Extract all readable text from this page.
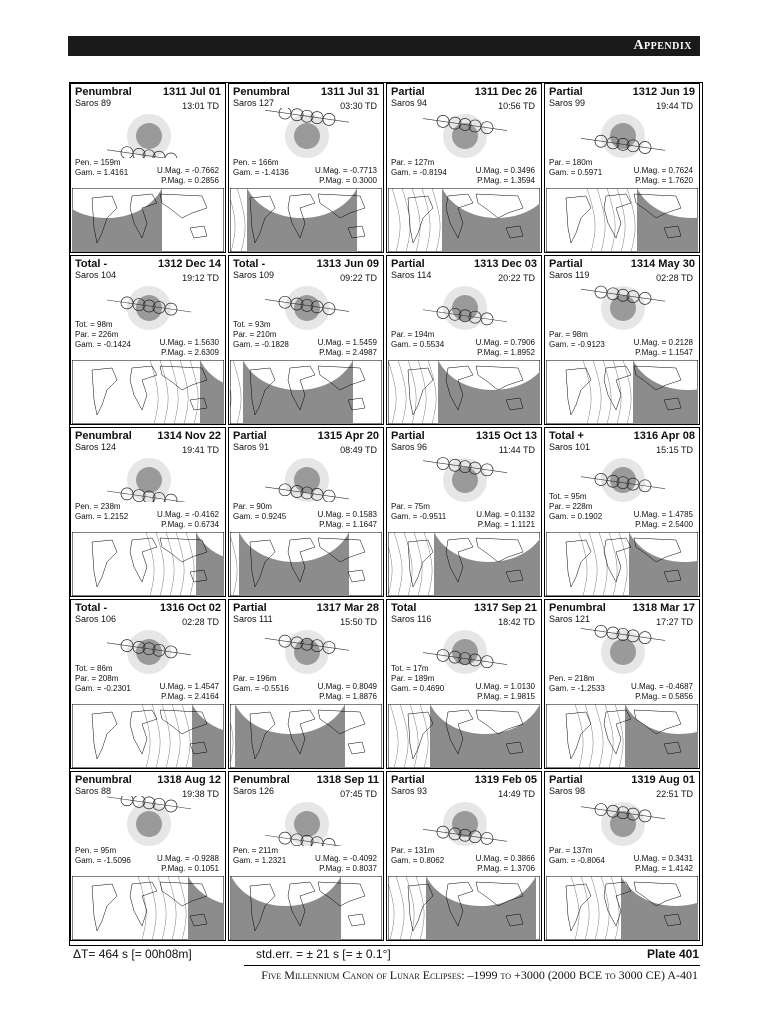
Appendix
Penumbral	1311 Jul 01
Saros 89	13:01 TD
Pen. = 159m
Gam. = 1.4161	U.Mag. = -0.7662
P.Mag. = 0.2856
Penumbral	1311 Jul 31
Saros 127	03:30 TD
Pen. = 166m
Gam. = -1.4136	U.Mag. = -0.7713
P.Mag. = 0.3000
Partial	1311 Dec 26
Saros 94	10:56 TD
Par. = 127m
Gam. = -0.8194	U.Mag. = 0.3496
P.Mag. = 1.3594
Partial	1312 Jun 19
Saros 99	19:44 TD
Par. = 180m
Gam. = 0.5971	U.Mag. = 0.7624
P.Mag. = 1.7620
Total -	1312 Dec 14
Saros 104	19:12 TD
Tot. = 98m
Par. = 226m
Gam. = -0.1424	U.Mag. = 1.5630
P.Mag. = 2.6309
Total -	1313 Jun 09
Saros 109	09:22 TD
Tot. = 93m
Par. = 210m
Gam. = -0.1828	U.Mag. = 1.5459
P.Mag. = 2.4987
Partial	1313 Dec 03
Saros 114	20:22 TD
Par. = 194m
Gam. = 0.5534	U.Mag. = 0.7906
P.Mag. = 1.8952
Partial	1314 May 30
Saros 119	02:28 TD
Par. = 98m
Gam. = -0.9123	U.Mag. = 0.2128
P.Mag. = 1.1547
Penumbral 1314 Nov 22
Saros 124	19:41 TD
Pen. = 238m
Gam. = 1.2152	U.Mag. = -0.4162
P.Mag. = 0.6734
Partial	1315 Apr 20
Saros 91	08:49 TD
Par. = 90m
Gam. = 0.9245	U.Mag. = 0.1583
P.Mag. = 1.1647
Partial	1315 Oct 13
Saros 96	11:44 TD
Par. = 75m
Gam. = -0.9511	U.Mag. = 0.1132
P.Mag. = 1.1121
Total +	1316 Apr 08
Saros 101	15:15 TD
Tot. = 95m
Par. = 228m
Gam. = 0.1902	U.Mag. = 1.4785
P.Mag. = 2.5400
Total -	1316 Oct 02
Saros 106	02:28 TD
Tot. = 86m
Par. = 208m
Gam. = -0.2301	U.Mag. = 1.4547
P.Mag. = 2.4164
Partial	1317 Mar 28
Saros 111	15:50 TD
Par. = 196m
Gam. = -0.5516	U.Mag. = 0.8049
P.Mag. = 1.8876
Total	1317 Sep 21
Saros 116	18:42 TD
Tot. = 17m
Par. = 189m
Gam. = 0.4690	U.Mag. = 1.0130
P.Mag. = 1.9815
Penumbral 1318 Mar 17
Saros 121	17:27 TD
Pen. = 218m
Gam. = -1.2533	U.Mag. = -0.4687
P.Mag. = 0.5856
Penumbral 1318 Aug 12
Saros 88	19:38 TD
Pen. = 95m
Gam. = -1.5096	U.Mag. = -0.9288
P.Mag. = 0.1051
Penumbral 1318 Sep 11
Saros 126	07:45 TD
Pen. = 211m
Gam. = 1.2321	U.Mag. = -0.4092
P.Mag. = 0.8037
Partial	1319 Feb 05
Saros 93	14:49 TD
Par. = 131m
Gam. = 0.8062	U.Mag. = 0.3866
P.Mag. = 1.3706
Partial	1319 Aug 01
Saros 98	22:51 TD
Par. = 137m
Gam. = -0.8064	U.Mag. = 0.3431
P.Mag. = 1.4142
ΔT= 464 s [= 00h08m]	std.err. = ± 21 s [= ± 0.1°]	Plate 401
Five Millennium Canon of Lunar Eclipses: –1999 to +3000 (2000 BCE to 3000 CE) A-401
